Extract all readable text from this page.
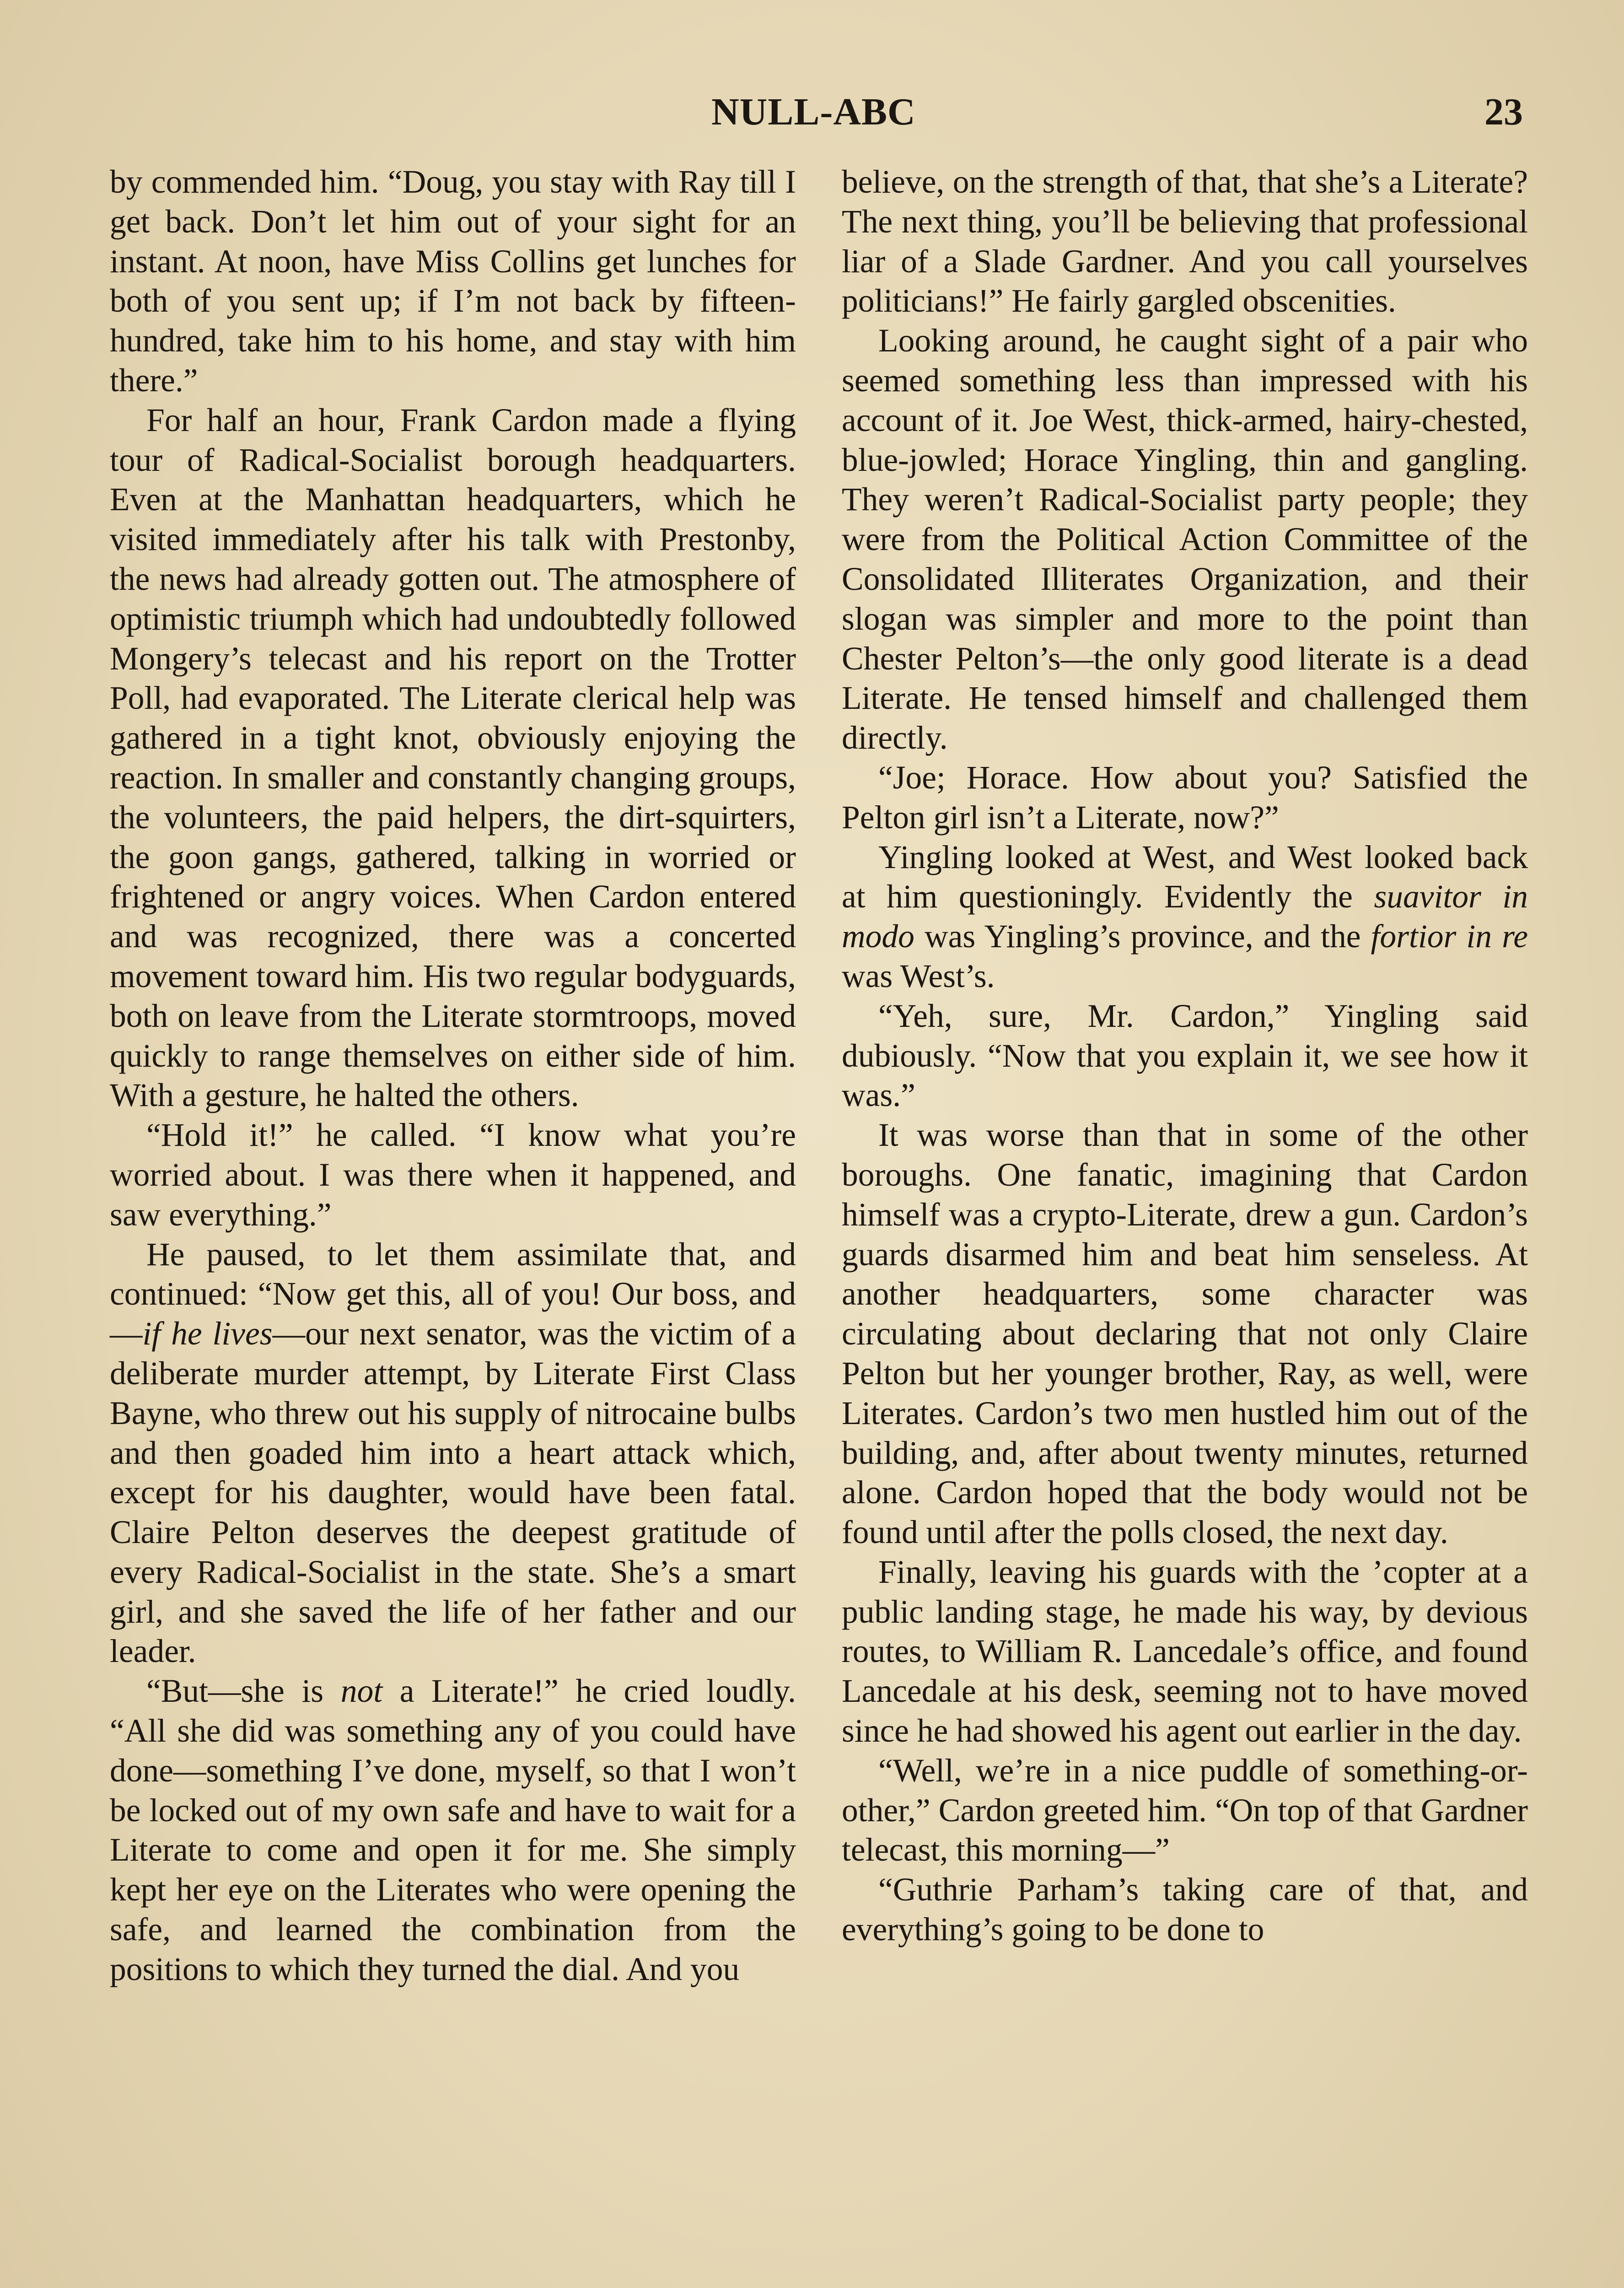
NULL-ABC	23

by commended him. “Doug, you stay with Ray till I get back. Don’t let him out of your sight for an instant. At noon, have Miss Collins get lunches for both of you sent up; if I’m not back by fifteen-hundred, take him to his home, and stay with him there.”

For half an hour, Frank Cardon made a flying tour of Radical-Socialist borough headquarters. Even at the Manhattan headquarters, which he visited immediately after his talk with Prestonby, the news had already gotten out. The atmosphere of optimistic triumph which had undoubtedly followed Mongery’s telecast and his report on the Trotter Poll, had evaporated. The Literate clerical help was gathered in a tight knot, obviously enjoying the reaction. In smaller and constantly changing groups, the volunteers, the paid helpers, the dirt-squirters, the goon gangs, gathered, talking in worried or frightened or angry voices. When Cardon entered and was recognized, there was a concerted movement toward him. His two regular bodyguards, both on leave from the Literate stormtroops, moved quickly to range themselves on either side of him. With a gesture, he halted the others.

“Hold it!” he called. “I know what you’re worried about. I was there when it happened, and saw everything.”

He paused, to let them assimilate that, and continued: “Now get this, all of you! Our boss, and—if he lives—our next senator, was the victim of a deliberate murder attempt, by Literate First Class Bayne, who threw out his supply of nitrocaine bulbs and then goaded him into a heart attack which, except for his daughter, would have been fatal. Claire Pelton deserves the deepest gratitude of every Radical-Socialist in the state. She’s a smart girl, and she saved the life of her father and our leader.

“But—she is not a Literate!” he cried loudly. “All she did was something any of you could have done—something I’ve done, myself, so that I won’t be locked out of my own safe and have to wait for a Literate to come and open it for me. She simply kept her eye on the Literates who were opening the safe, and learned the combination from the positions to which they turned the dial. And you

believe, on the strength of that, that she’s a Literate? The next thing, you’ll be believing that professional liar of a Slade Gardner. And you call yourselves politicians!” He fairly gargled obscenities.

Looking around, he caught sight of a pair who seemed something less than impressed with his account of it. Joe West, thick-armed, hairy-chested, blue-jowled; Horace Yingling, thin and gangling. They weren’t Radical-Socialist party people; they were from the Political Action Committee of the Consolidated Illiterates Organization, and their slogan was simpler and more to the point than Chester Pelton’s—the only good literate is a dead Literate. He tensed himself and challenged them directly.

“Joe; Horace. How about you? Satisfied the Pelton girl isn’t a Literate, now?”

Yingling looked at West, and West looked back at him questioningly. Evidently the suavitor in modo was Yingling’s province, and the fortior in re was West’s.

“Yeh, sure, Mr. Cardon,” Yingling said dubiously. “Now that you explain it, we see how it was.”

It was worse than that in some of the other boroughs. One fanatic, imagining that Cardon himself was a crypto-Literate, drew a gun. Cardon’s guards disarmed him and beat him senseless. At another headquarters, some character was circulating about declaring that not only Claire Pelton but her younger brother, Ray, as well, were Literates. Cardon’s two men hustled him out of the building, and, after about twenty minutes, returned alone. Cardon hoped that the body would not be found until after the polls closed, the next day.

Finally, leaving his guards with the ’copter at a public landing stage, he made his way, by devious routes, to William R. Lancedale’s office, and found Lancedale at his desk, seeming not to have moved since he had showed his agent out earlier in the day.

“Well, we’re in a nice puddle of something-or-other,” Cardon greeted him. “On top of that Gardner telecast, this morning—”

“Guthrie Parham’s taking care of that, and everything’s going to be done to
